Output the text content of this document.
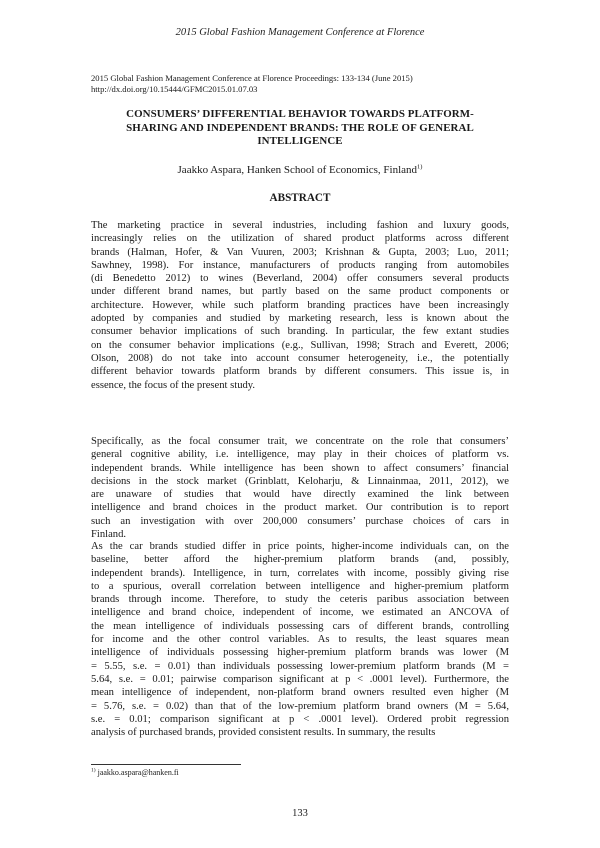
2015 Global Fashion Management Conference at Florence
2015 Global Fashion Management Conference at Florence Proceedings: 133-134 (June 2015)
http://dx.doi.org/10.15444/GFMC2015.01.07.03
CONSUMERS’ DIFFERENTIAL BEHAVIOR TOWARDS PLATFORM-
SHARING AND INDEPENDENT BRANDS: THE ROLE OF GENERAL
INTELLIGENCE
Jaakko Aspara, Hanken School of Economics, Finland$^{1)}$
ABSTRACT
The marketing practice in several industries, including fashion and luxury goods,
increasingly relies on the utilization of shared product platforms across different
brands (Halman, Hofer, & Van Vuuren, 2003; Krishnan & Gupta, 2003; Luo, 2011;
Sawhney, 1998). For instance, manufacturers of products ranging from automobiles
(di Benedetto 2012) to wines (Beverland, 2004) offer consumers several products
under different brand names, but partly based on the same product components or
architecture. However, while such platform branding practices have been increasingly
adopted by companies and studied by marketing research, less is known about the
consumer behavior implications of such branding. In particular, the few extant studies
on the consumer behavior implications (e.g., Sullivan, 1998; Strach and Everett, 2006;
Olson, 2008) do not take into account consumer heterogeneity, i.e., the potentially
different behavior towards platform brands by different consumers. This issue is, in
essence, the focus of the present study.
Specifically, as the focal consumer trait, we concentrate on the role that consumers’
general cognitive ability, i.e. intelligence, may play in their choices of platform vs.
independent brands. While intelligence has been shown to affect consumers’ financial
decisions in the stock market (Grinblatt, Keloharju, & Linnainmaa, 2011, 2012), we
are unaware of studies that would have directly examined the link between
intelligence and brand choices in the product market. Our contribution is to report
such an investigation with over 200,000 consumers’ purchase choices of cars in
Finland.
As the car brands studied differ in price points, higher-income individuals can, on the
baseline, better afford the higher-premium platform brands (and, possibly,
independent brands). Intelligence, in turn, correlates with income, possibly giving rise
to a spurious, overall correlation between intelligence and higher-premium platform
brands through income. Therefore, to study the ceteris paribus association between
intelligence and brand choice, independent of income, we estimated an ANCOVA of
the mean intelligence of individuals possessing cars of different brands, controlling
for income and the other control variables. As to results, the least squares mean
intelligence of individuals possessing higher-premium platform brands was lower (M
= 5.55, s.e. = 0.01) than individuals possessing lower-premium platform brands (M =
5.64, s.e. = 0.01; pairwise comparison significant at p < .0001 level). Furthermore, the
mean intelligence of independent, non-platform brand owners resulted even higher (M
= 5.76, s.e. = 0.02) than that of the low-premium platform brand owners (M = 5.64,
s.e. = 0.01; comparison significant at p < .0001 level). Ordered probit regression
analysis of purchased brands, provided consistent results. In summary, the results
$^{1)}$ jaakko.aspara@hanken.fi
133
